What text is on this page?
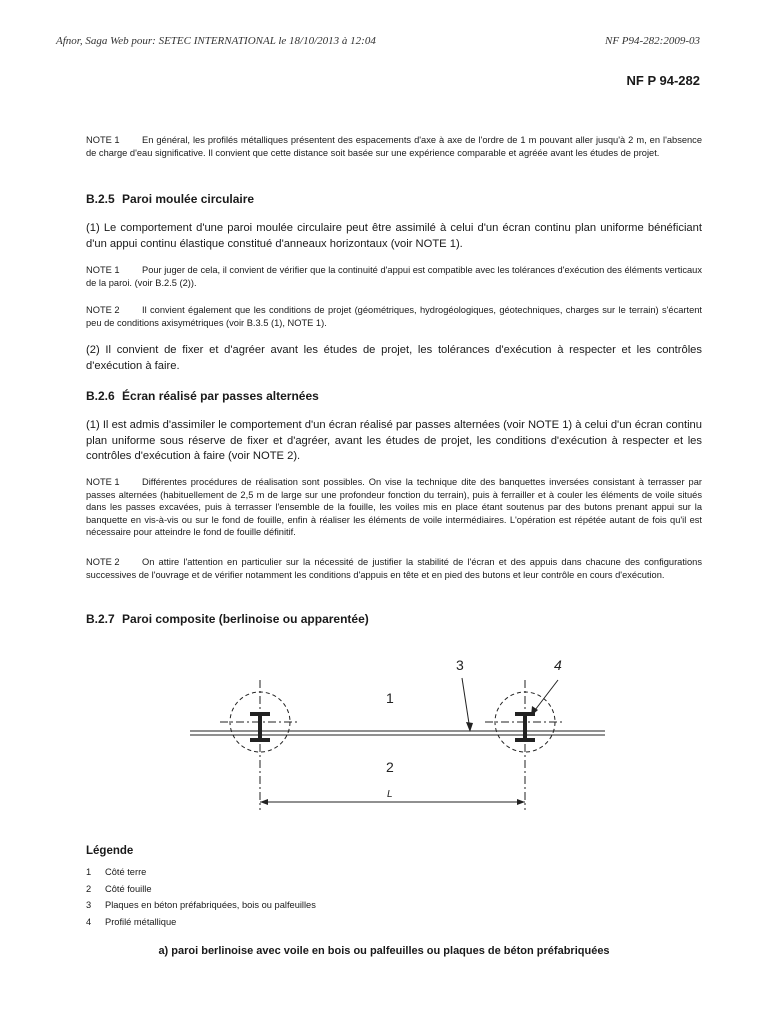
Afnor, Saga Web pour: SETEC INTERNATIONAL le 18/10/2013 à 12:04	NF P94-282:2009-03
NF P 94-282
NOTE 1 En général, les profilés métalliques présentent des espacements d'axe à axe de l'ordre de 1 m pouvant aller jusqu'à 2 m, en l'absence de charge d'eau significative. Il convient que cette distance soit basée sur une expérience comparable et agréée avant les études de projet.
B.2.5 Paroi moulée circulaire
(1) Le comportement d'une paroi moulée circulaire peut être assimilé à celui d'un écran continu plan uniforme bénéficiant d'un appui continu élastique constitué d'anneaux horizontaux (voir NOTE 1).
NOTE 1 Pour juger de cela, il convient de vérifier que la continuité d'appui est compatible avec les tolérances d'exécution des éléments verticaux de la paroi. (voir B.2.5 (2)).
NOTE 2 Il convient également que les conditions de projet (géométriques, hydrogéologiques, géotechniques, charges sur le terrain) s'écartent peu de conditions axisymétriques (voir B.3.5 (1), NOTE 1).
(2) Il convient de fixer et d'agréer avant les études de projet, les tolérances d'exécution à respecter et les contrôles d'exécution à faire.
B.2.6 Écran réalisé par passes alternées
(1) Il est admis d'assimiler le comportement d'un écran réalisé par passes alternées (voir NOTE 1) à celui d'un écran continu plan uniforme sous réserve de fixer et d'agréer, avant les études de projet, les conditions d'exécution à respecter et les contrôles d'exécution à faire (voir NOTE 2).
NOTE 1 Différentes procédures de réalisation sont possibles. On vise la technique dite des banquettes inversées consistant à terrasser par passes alternées (habituellement de 2,5 m de large sur une profondeur fonction du terrain), puis à ferrailler et à couler les éléments de voile situés dans les passes excavées, puis à terrasser l'ensemble de la fouille, les voiles mis en place étant soutenus par des butons prenant appui sur la banquette en vis-à-vis ou sur le fond de fouille, enfin à réaliser les éléments de voile intermédiaires. L'opération est répétée autant de fois qu'il est nécessaire pour atteindre le fond de fouille définitif.
NOTE 2 On attire l'attention en particulier sur la nécessité de justifier la stabilité de l'écran et des appuis dans chacune des configurations successives de l'ouvrage et de vérifier notamment les conditions d'appuis en tête et en pied des butons et leur contrôle en cours d'exécution.
B.2.7 Paroi composite (berlinoise ou apparentée)
1
2
3	4
L
Légende
1 Côté terre
2 Côté fouille
3 Plaques en béton préfabriquées, bois ou palfeuilles
4 Profilé métallique
a) paroi berlinoise avec voile en bois ou palfeuilles ou plaques de béton préfabriquées
